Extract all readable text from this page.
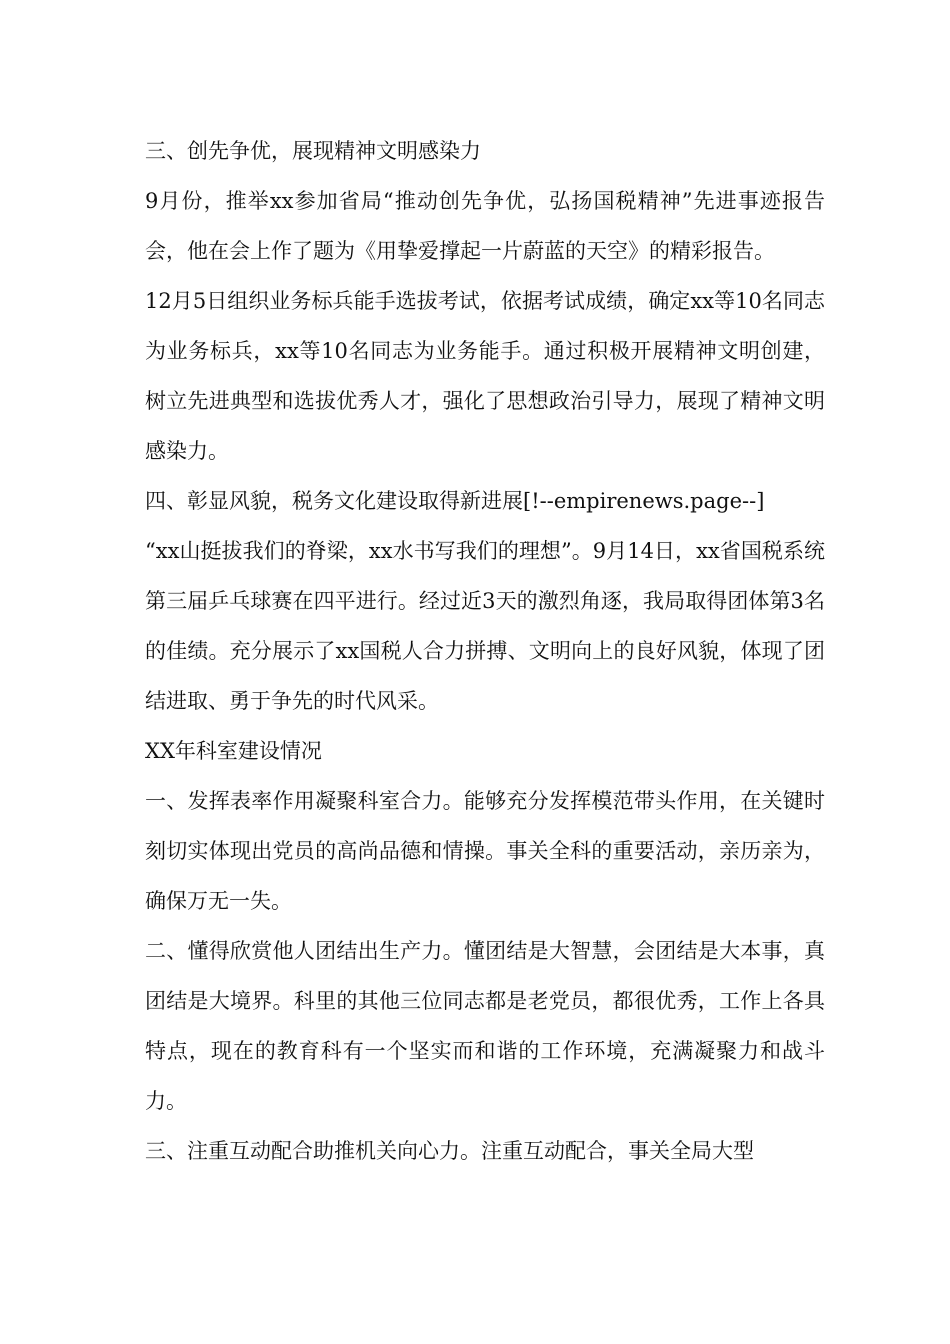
三、创先争优，展现精神文明感染力

9月份，推举xx参加省局“推动创先争优，弘扬国税精神”先进事迹报告会，他在会上作了题为《用挚爱撑起一片蔚蓝的天空》的精彩报告。

12月5日组织业务标兵能手选拔考试，依据考试成绩，确定xx等10名同志为业务标兵，xx等10名同志为业务能手。通过积极开展精神文明创建，树立先进典型和选拔优秀人才，强化了思想政治引导力，展现了精神文明感染力。

四、彰显风貌，税务文化建设取得新进展[!--empirenews.page--]

“xx山挺拔我们的脊梁，xx水书写我们的理想”。9月14日，xx省国税系统第三届乒乓球赛在四平进行。经过近3天的激烈角逐，我局取得团体第3名的佳绩。充分展示了xx国税人合力拼搏、文明向上的良好风貌，体现了团结进取、勇于争先的时代风采。

XX年科室建设情况

一、发挥表率作用凝聚科室合力。能够充分发挥模范带头作用，在关键时刻切实体现出党员的高尚品德和情操。事关全科的重要活动，亲历亲为，确保万无一失。

二、懂得欣赏他人团结出生产力。懂团结是大智慧，会团结是大本事，真团结是大境界。科里的其他三位同志都是老党员，都很优秀，工作上各具特点，现在的教育科有一个坚实而和谐的工作环境，充满凝聚力和战斗力。

三、注重互动配合助推机关向心力。注重互动配合，事关全局大型
